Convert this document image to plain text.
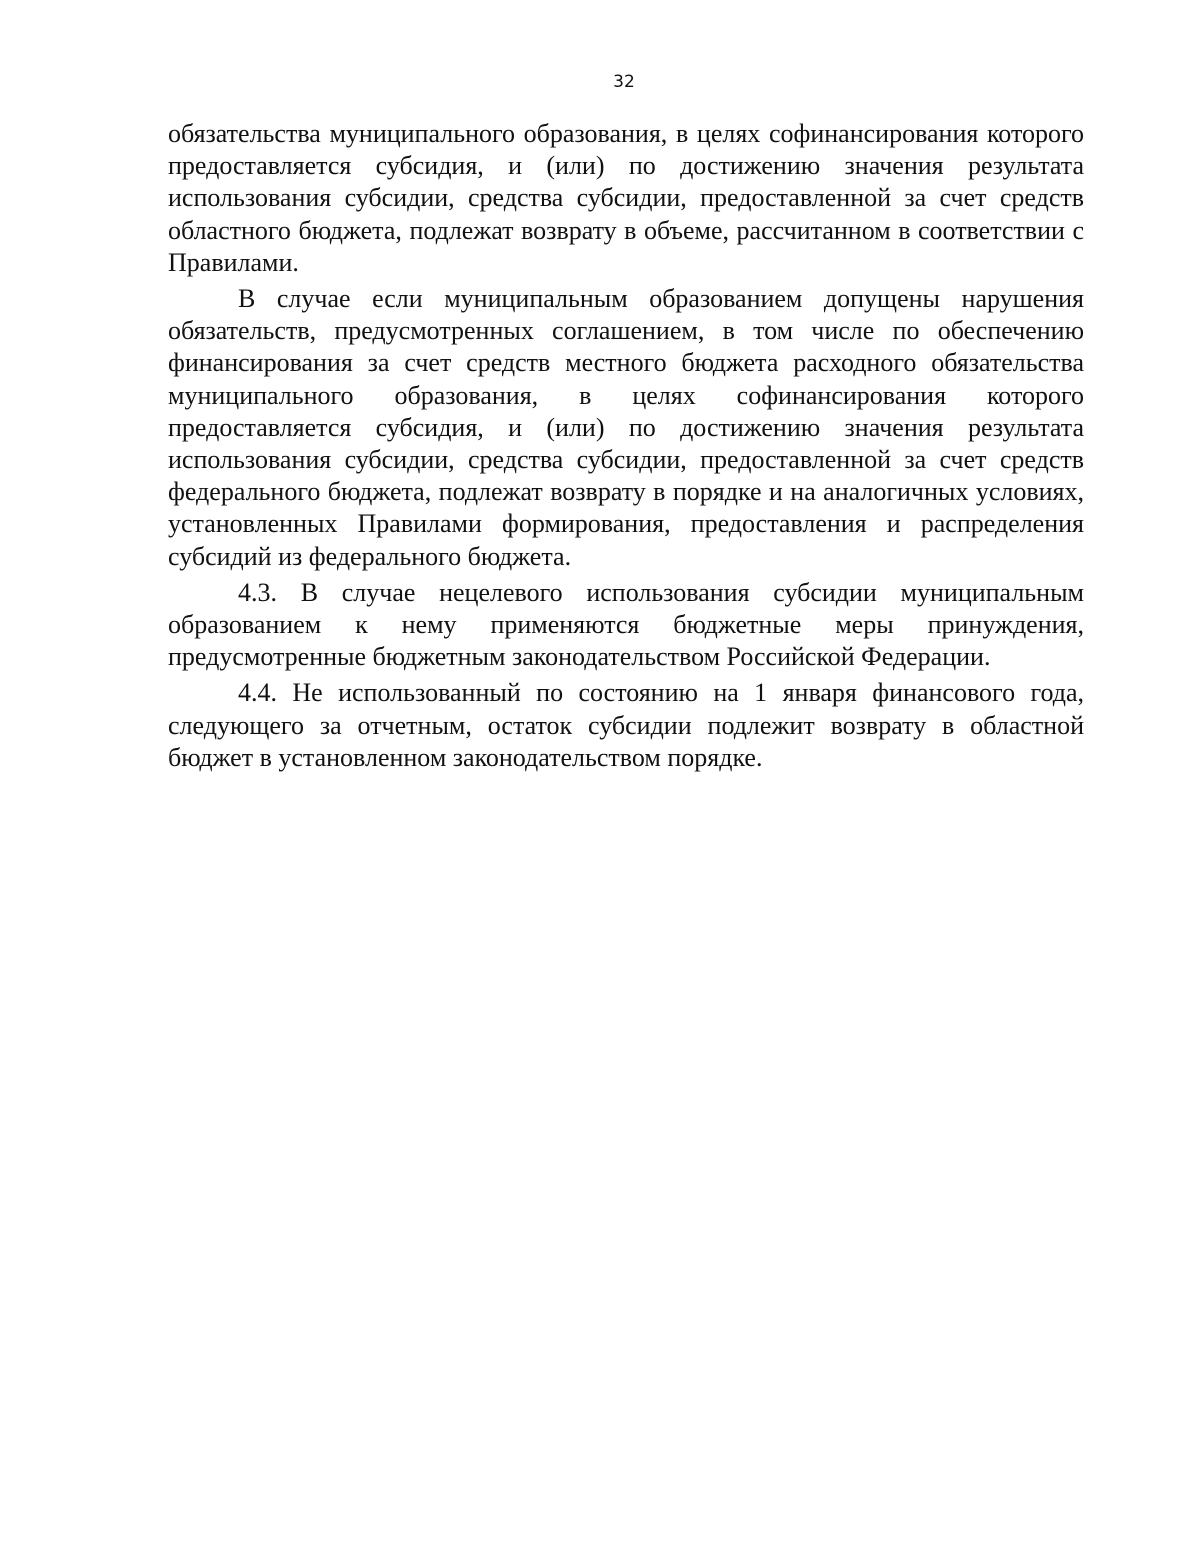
32

обязательства муниципального образования, в целях софинансирования которого предоставляется субсидия, и (или) по достижению значения результата использования субсидии, средства субсидии, предоставленной за счет средств областного бюджета, подлежат возврату в объеме, рассчитанном в соответствии с Правилами.

В случае если муниципальным образованием допущены нарушения обязательств, предусмотренных соглашением, в том числе по обеспечению финансирования за счет средств местного бюджета расходного обязательства муниципального образования, в целях софинансирования которого предоставляется субсидия, и (или) по достижению значения результата использования субсидии, средства субсидии, предоставленной за счет средств федерального бюджета, подлежат возврату в порядке и на аналогичных условиях, установленных Правилами формирования, предоставления и распределения субсидий из федерального бюджета.

4.3. В случае нецелевого использования субсидии муниципальным образованием к нему применяются бюджетные меры принуждения, предусмотренные бюджетным законодательством Российской Федерации.

4.4. Не использованный по состоянию на 1 января финансового года, следующего за отчетным, остаток субсидии подлежит возврату в областной бюджет в установленном законодательством порядке.
